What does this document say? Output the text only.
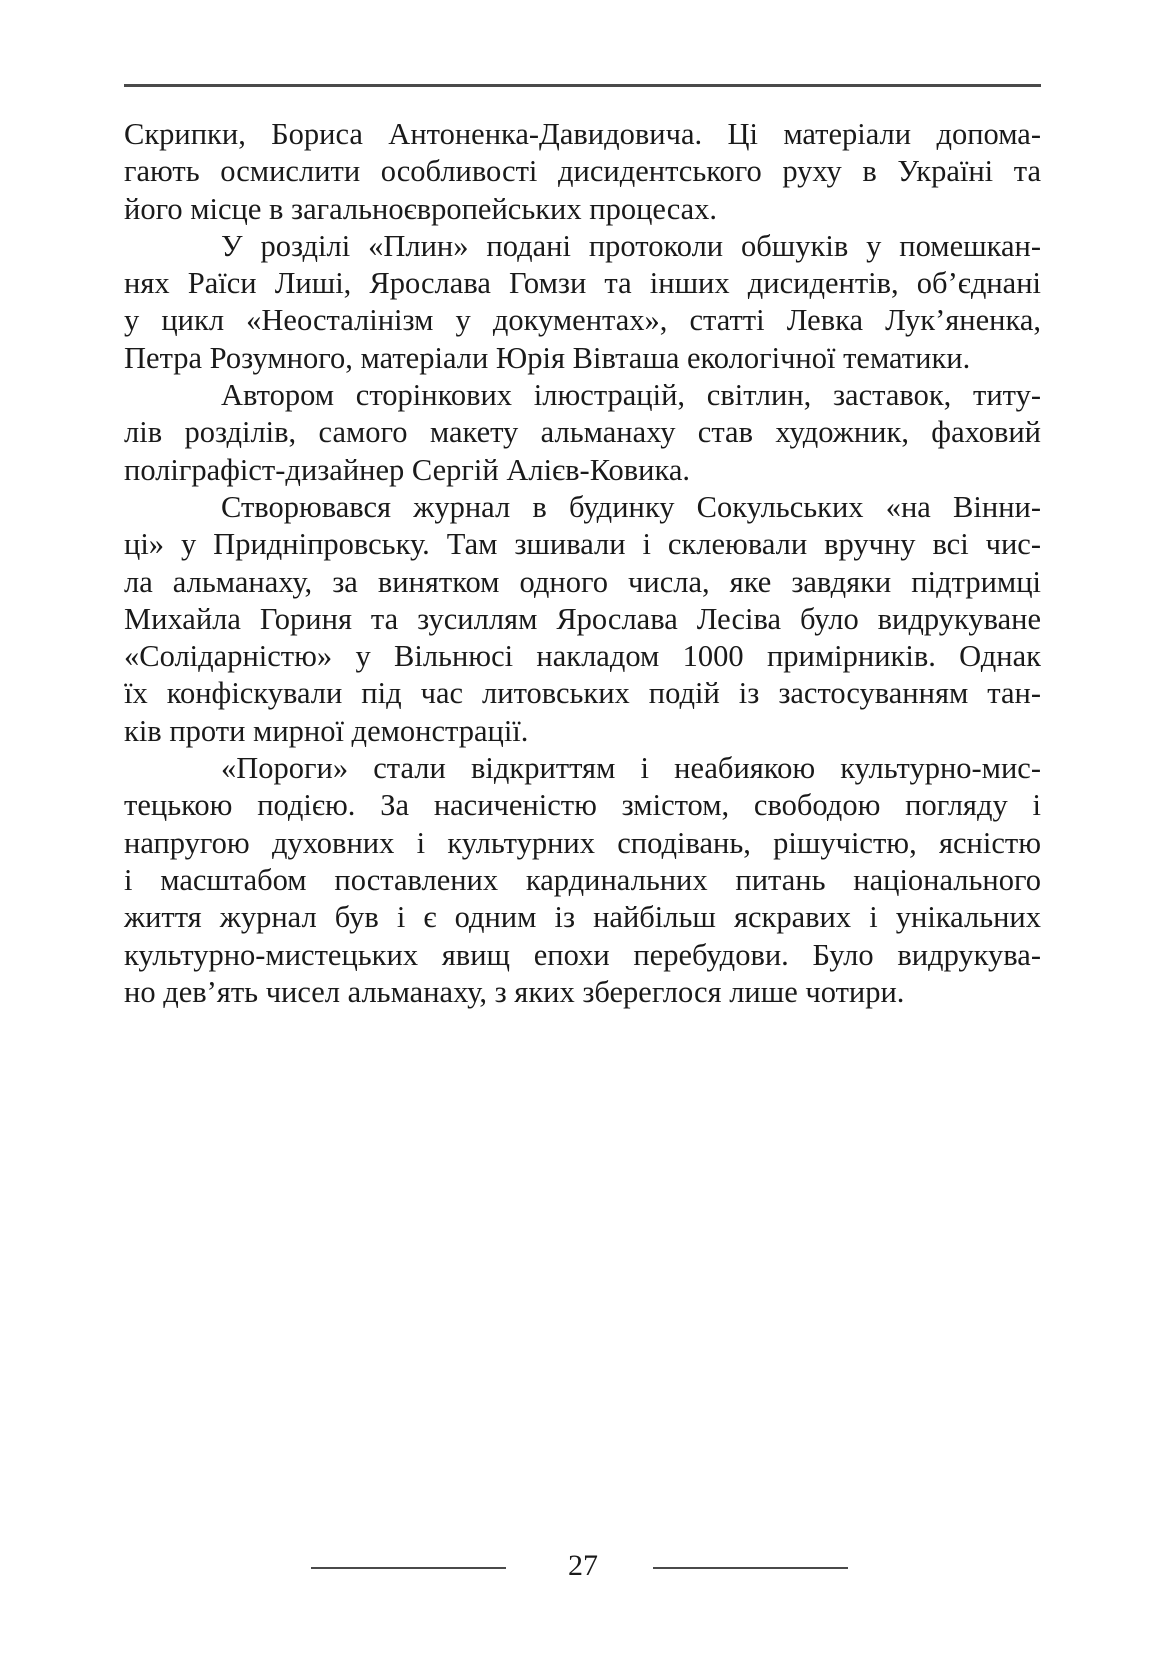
Скрипки, Бориса Антоненка-Давидовича. Ці матеріали допома-
гають осмислити особливості дисидентського руху в Україні та
його місце в загальноєвропейських процесах.
У розділі «Плин» подані протоколи обшуків у помешкан-
нях Раїси Лиші, Ярослава Гомзи та інших дисидентів, об’єднані
у цикл «Неосталінізм у документах», статті Левка Лук’яненка,
Петра Розумного, матеріали Юрія Вівташа екологічної тематики.
Автором сторінкових ілюстрацій, світлин, заставок, титу-
лів розділів, самого макету альманаху став художник, фаховий
поліграфіст-дизайнер Сергій Алієв-Ковика.
Створювався журнал в будинку Сокульських «на Вінни-
ці» у Придніпровську. Там зшивали і склеювали вручну всі чис-
ла альманаху, за винятком одного числа, яке завдяки підтримці
Михайла Гориня та зусиллям Ярослава Лесіва було видрукуване
«Солідарністю» у Вільнюсі накладом 1000 примірників. Однак
їх конфіскували під час литовських подій із застосуванням тан-
ків проти мирної демонстрації.
«Пороги» стали відкриттям і неабиякою культурно-мис-
тецькою подією. За насиченістю змістом, свободою погляду і
напругою духовних і культурних сподівань, рішучістю, ясністю
і масштабом поставлених кардинальних питань національного
життя журнал був і є одним із найбільш яскравих і унікальних
культурно-мистецьких явищ епохи перебудови. Було видрукува-
но дев’ять чисел альманаху, з яких збереглося лише чотири.
27
